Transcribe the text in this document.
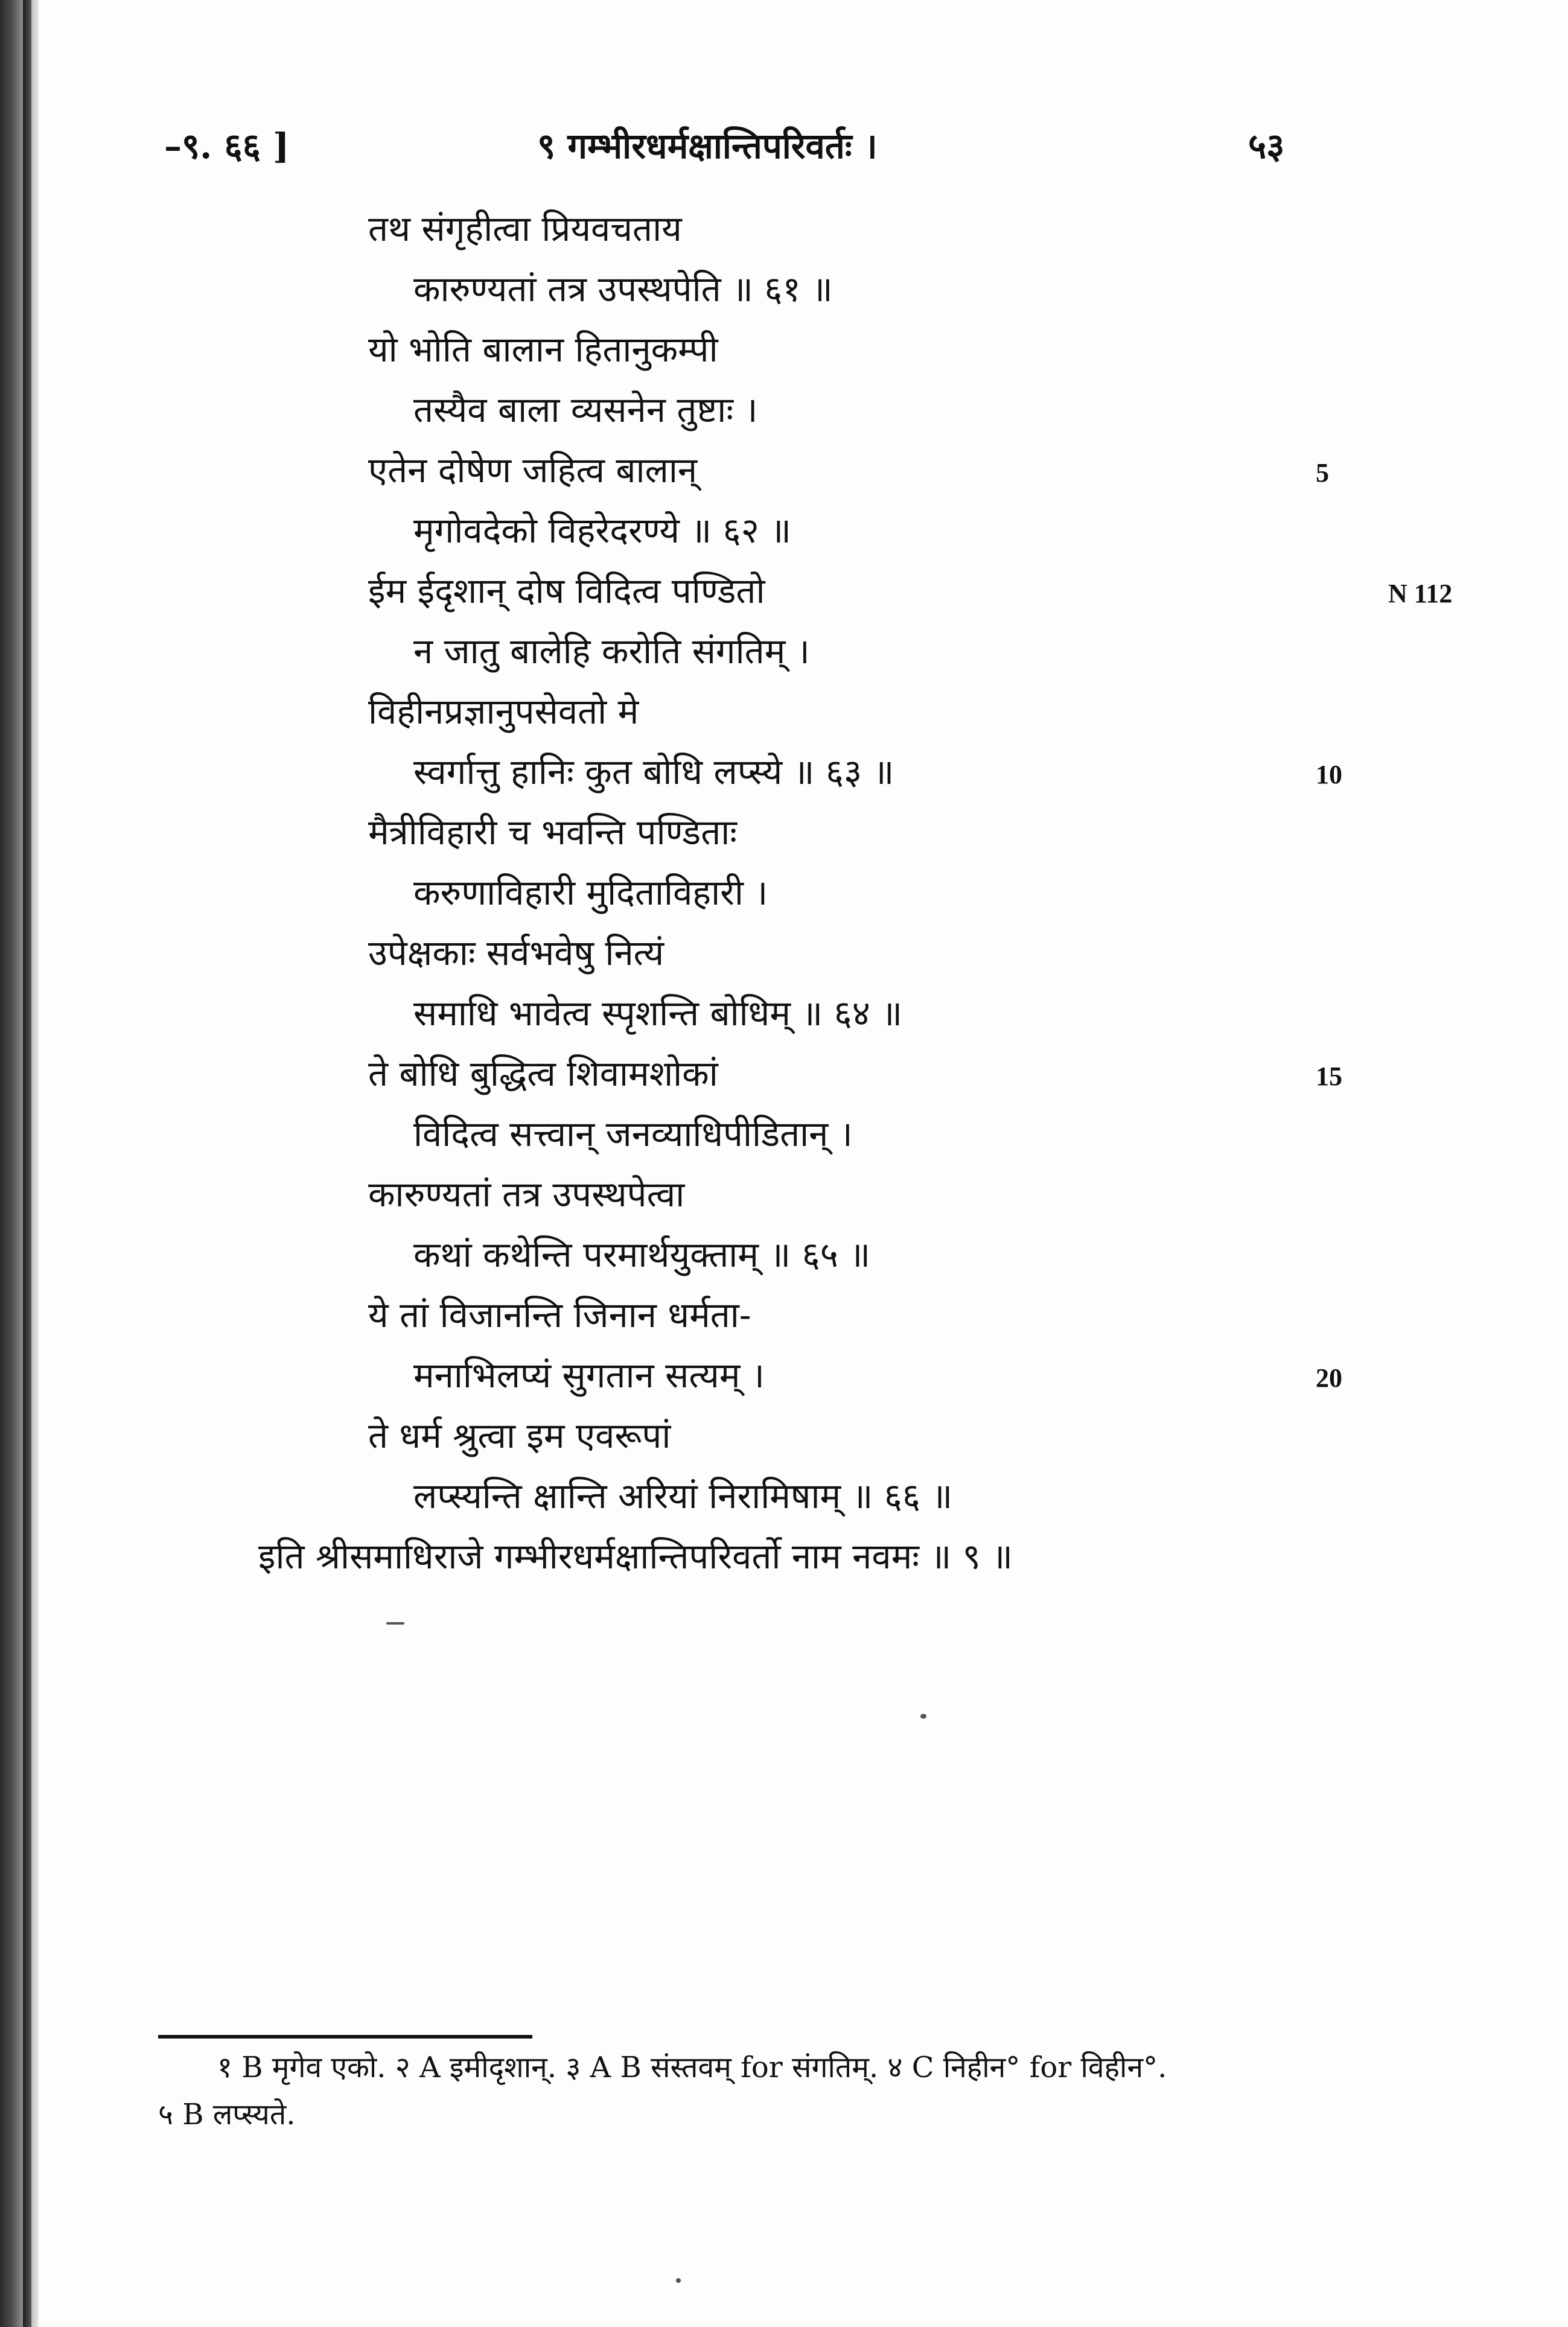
–९. ६६ ]	९ गम्भीरधर्मक्षान्तिपरिवर्तः ।	५३
तथ संगृहीत्वा प्रियवचताय
कारुण्यतां तत्र उपस्थपेति ॥ ६१ ॥
यो भोति बालान हितानुकम्पी
तस्यैव बाला व्यसनेन तुष्टाः ।
एतेन दोषेण जहित्व बालान्
मृगोवदेको विहरेदरण्ये ॥ ६२ ॥
ईम ईदृशान् दोष विदित्व पण्डितो
न जातु बालेहि करोति संगतिम् ।
विहीनप्रज्ञानुपसेवतो मे
स्वर्गात्तु हानिः कुत बोधि लप्स्ये ॥ ६३ ॥
मैत्रीविहारी च भवन्ति पण्डिताः
करुणाविहारी मुदिताविहारी ।
उपेक्षकाः सर्वभवेषु नित्यं
समाधि भावेत्व स्पृशन्ति बोधिम् ॥ ६४ ॥
ते बोधि बुद्धित्व शिवामशोकां
विदित्व सत्त्वान् जनव्याधिपीडितान् ।
कारुण्यतां तत्र उपस्थपेत्वा
कथां कथेन्ति परमार्थयुक्ताम् ॥ ६५ ॥
ये तां विजानन्ति जिनान धर्मता-
मनाभिलप्यं सुगतान सत्यम् ।
ते धर्म श्रुत्वा इम एवरूपां
लप्स्यन्ति क्षान्ति अरियां निरामिषाम् ॥ ६६ ॥
इति श्रीसमाधिराजे गम्भीरधर्मक्षान्तिपरिवर्तो नाम नवमः ॥ ९ ॥
5
10
15
20
N 112
१ B मृगेव एको. २ A इमीदृशान्. ३ A B संस्तवम् for संगतिम्. ४ C निहीन° for विहीन°.
५ B लप्स्यते.
